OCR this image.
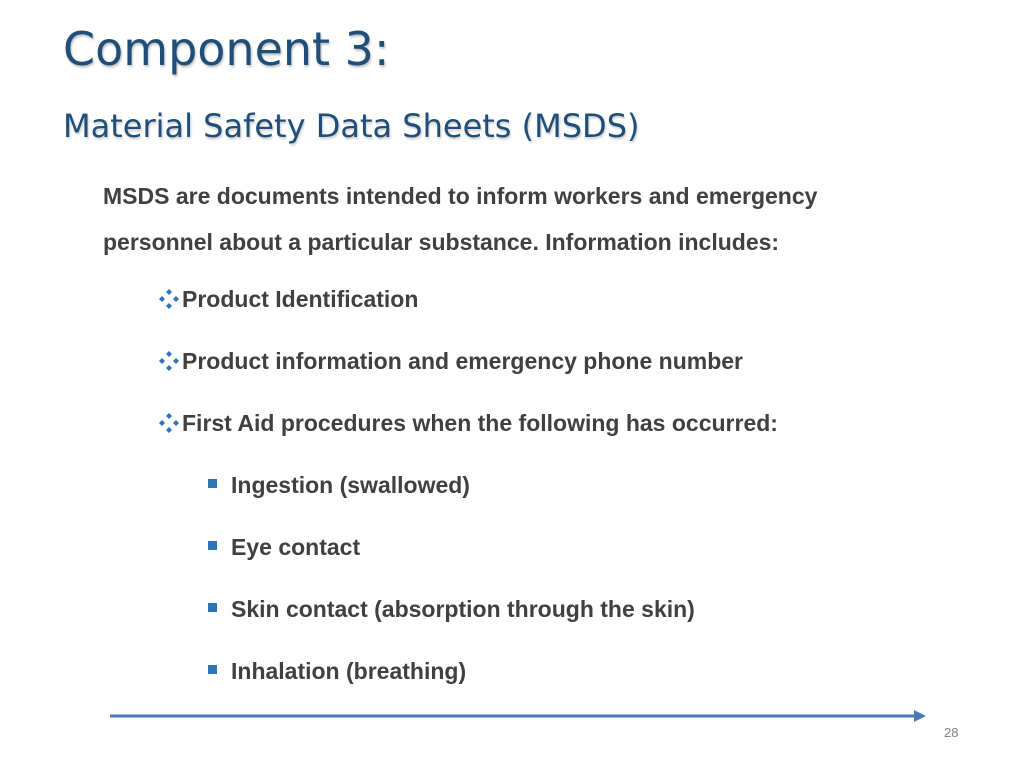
Component 3:
Material Safety Data Sheets (MSDS)
MSDS are documents intended to inform workers and emergency
personnel about a particular substance. Information includes:
Product Identification
Product information and emergency phone number
First Aid procedures when the following has occurred:
Ingestion (swallowed)
Eye contact
Skin contact (absorption through the skin)
Inhalation (breathing)
28
